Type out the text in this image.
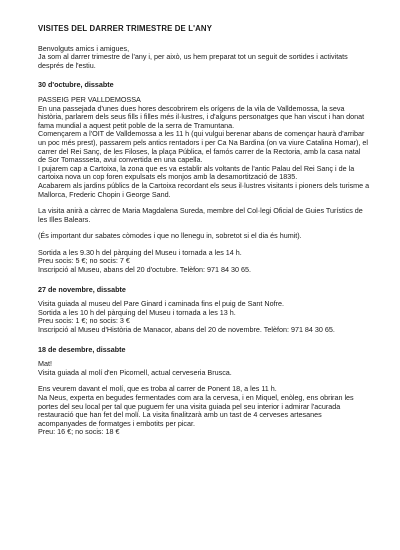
VISITES DEL DARRER TRIMESTRE DE L'ANY

Benvolguts amics i amigues,

Ja som al darrer trimestre de l'any i, per això, us hem preparat tot un seguit de sortides i activitats després de l'estiu.

30 d'octubre, dissabte

PASSEIG PER VALLDEMOSSA

En una passejada d'unes dues hores descobrirem els orígens de la vila de Valldemossa, la seva història, parlarem dels seus fills i filles més il·lustres, i d'alguns personatges que han viscut i han donat fama mundial a aquest petit poble de la serra de Tramuntana.

Començarem a l'OIT de Valldemossa a les 11 h (qui vulgui berenar abans de començar haurà d'arribar un poc més prest), passarem pels antics rentadors i per Ca Na Bardina (on va viure Catalina Homar), el carrer del Rei Sanç, de les Filoses, la plaça Pública, el famós carrer de la Rectoria, amb la casa natal de Sor Tomassseta, avui convertida en una capella.

I pujarem cap a Cartoixa, la zona que es va establir als voltants de l'antic Palau del Rei Sanç i de la cartoixa nova un cop foren expulsats els monjos amb la desamortització de 1835.

Acabarem als jardins públics de la Cartoixa recordant els seus il·lustres visitants i pioners dels turisme a Mallorca, Frederic Chopin i George Sand.

La visita anirà a càrrec de Maria Magdalena Sureda, membre del Col·legi Oficial de Guies Turístics de les Illes Balears.

(És important dur sabates còmodes i que no llenegu in, sobretot si el dia és humit).

Sortida a les 9.30 h del pàrquing del Museu i tornada a les 14 h.

Preu socis: 5 €; no socis: 7 €

Inscripció al Museu, abans del 20 d'octubre. Telèfon: 971 84 30 65.

27 de novembre, dissabte

Visita guiada al museu del Pare Ginard i caminada fins el puig de Sant Nofre.

Sortida a les 10 h del pàrquing del Museu i tornada a les 13 h.

Preu socis: 1 €; no socis: 3 €

Inscripció al Museu d'Història de Manacor, abans del 20 de novembre. Telèfon: 971 84 30 65.

18 de desembre, dissabte

Mat!

Visita guiada al molí d'en Picornell, actual cerveseria Brusca.

Ens veurem davant el molí, que es troba al carrer de Ponent 18, a les 11 h.

Na Neus, experta en begudes fermentades com ara la cervesa, i en Miquel, enòleg, ens obriran les portes del seu local per tal que puguem fer una visita guiada pel seu interior i admirar l'acurada restauració que han fet del molí. La visita finalitzarà amb un tast de 4 cerveses artesanes acompanyades de formatges i embotits per picar.

Preu: 16 €; no socis: 18 €
